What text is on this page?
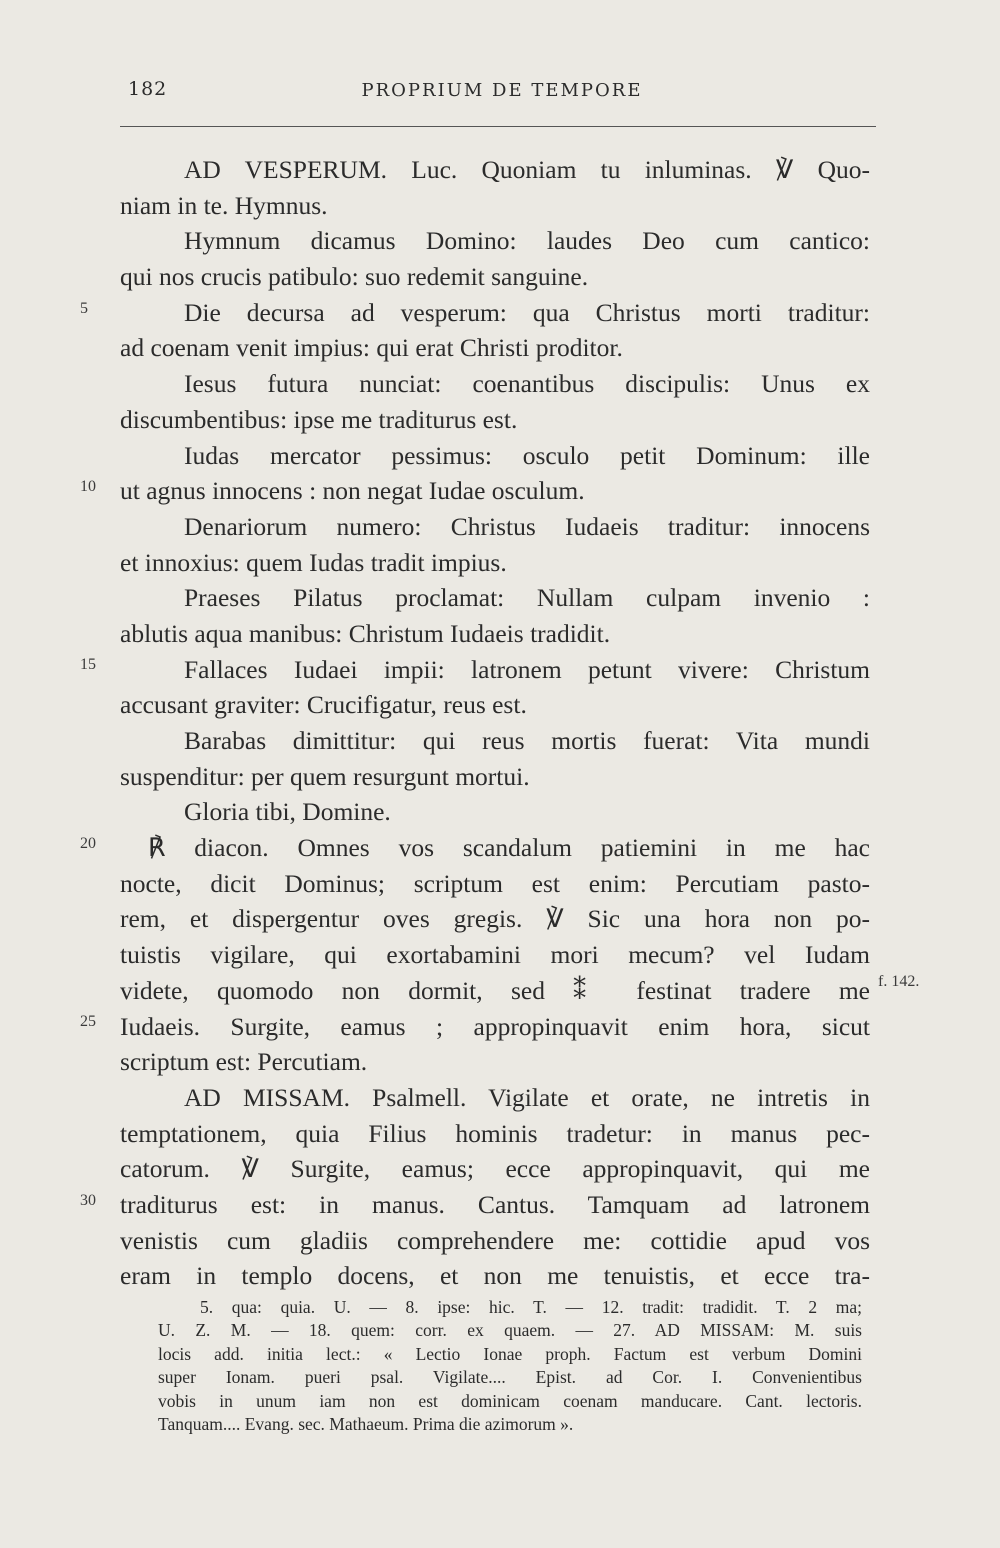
182	PROPRIUM DE TEMPORE
AD VESPERUM. Luc. Quoniam tu inluminas. ℣ Quo-
niam in te. Hymnus.
Hymnum dicamus Domino: laudes Deo cum cantico:
qui nos crucis patibulo: suo redemit sanguine.
Die decursa ad vesperum: qua Christus morti traditur:
ad coenam venit impius: qui erat Christi proditor.
Iesus futura nunciat: coenantibus discipulis: Unus ex
discumbentibus: ipse me traditurus est.
Iudas mercator pessimus: osculo petit Dominum: ille
ut agnus innocens : non negat Iudae osculum.
Denariorum numero: Christus Iudaeis traditur: innocens
et innoxius: quem Iudas tradit impius.
Praeses Pilatus proclamat: Nullam culpam invenio :
ablutis aqua manibus: Christum Iudaeis tradidit.
Fallaces Iudaei impii: latronem petunt vivere: Christum
accusant graviter: Crucifigatur, reus est.
Barabas dimittitur: qui reus mortis fuerat: Vita mundi
suspenditur: per quem resurgunt mortui.
Gloria tibi, Domine.
℟ diacon. Omnes vos scandalum patiemini in me hac
nocte, dicit Dominus; scriptum est enim: Percutiam pasto-
rem, et dispergentur oves gregis. ℣ Sic una hora non po-
tuistis vigilare, qui exortabamini mori mecum? vel Iudam
videte, quomodo non dormit, sed ⁑ festinat tradere me
Iudaeis. Surgite, eamus ; appropinquavit enim hora, sicut
scriptum est: Percutiam.
AD MISSAM. Psalmell. Vigilate et orate, ne intretis in
temptationem, quia Filius hominis tradetur: in manus pec-
catorum. ℣ Surgite, eamus; ecce appropinquavit, qui me
traditurus est: in manus. Cantus. Tamquam ad latronem
venistis cum gladiis comprehendere me: cottidie apud vos
eram in templo docens, et non me tenuistis, et ecce tra-
5
10
15
20
25
30
f. 142.
5. qua: quia. U. — 8. ipse: hic. T. — 12. tradit: tradidit. T. 2 ma;
U. Z. M. — 18. quem: corr. ex quaem. — 27. AD MISSAM: M. suis
locis add. initia lect.: « Lectio Ionae proph. Factum est verbum Domini
super Ionam. pueri psal. Vigilate.... Epist. ad Cor. I. Convenientibus
vobis in unum iam non est dominicam coenam manducare. Cant. lectoris.
Tanquam.... Evang. sec. Mathaeum. Prima die azimorum ».
